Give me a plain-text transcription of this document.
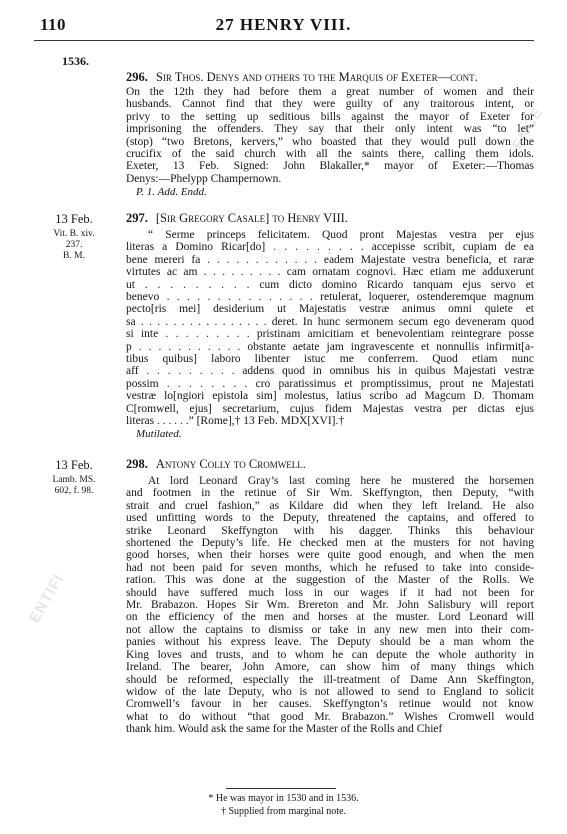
ENCE
ENTIFI
110	27 HENRY VIII.
1536.
296. Sir Thos. Denys and others to the Marquis of Exeter—cont.
On the 12th they had before them a great number of women and their
husbands. Cannot find that they were guilty of any traitorous intent, or
privy to the setting up seditious bills against the mayor of Exeter for
imprisoning the offenders. They say that their only intent was “to let”
(stop) “two Bretons, kervers,” who boasted that they would pull down the
crucifix of the said church with all the saints there, calling them idols.
Exeter, 13 Feb. Signed: John Blakaller,* mayor of Exeter:—Thomas
Denys:—Phelypp Champernown.
P. 1. Add. Endd.
13 Feb.
Vit. B. xiv.
237.
B. M.
297. [Sir Gregory Casale] to Henry VIII.
“ Serme princeps felicitatem. Quod pront Majestas vestra per ejus
literas a Domino Ricar[do] . . . . . . . . . accepisse scribit, cupiam de ea
bene mereri fa . . . . . . . . . . . . eadem Majestate vestra beneficia, et raræ
virtutes ac am . . . . . . . . . cam ornatam cognovi. Hæc etiam me adduxerunt
ut . . . . . . . . . cum dicto domino Ricardo tanquam ejus servo et
benevo . . . . . . . . . . . . . . . retulerat, loquerer, ostenderemque magnum
pecto[ris mei] desiderium ut Majestatis vestræ animus omni quiete et
sa . . . . . . . . . . . . . . . . deret. In hunc sermonem secum ego deveneram quod
si inte . . . . . . . . . pristinam amicitiam et benevolentiam reintegrare posse
p . . . . . . . . . . . obstante aetate jam ingravescente et nonnullis infirmit[a-
tibus quibus] laboro libenter istuc me conferrem. Quod etiam nunc
aff . . . . . . . . . addens quod in omnibus his in quibus Majestati vestræ
possim . . . . . . . . cro paratissimus et promptissimus, prout ne Majestati
vestræ lo[ngiori epistola sim] molestus, latius scribo ad Magcum D. Thomam
C[romwell, ejus] secretarium, cujus fidem Majestas vestra per dictas ejus
literas . . . . . .” [Rome],† 13 Feb. MDX[XVI].†
Mutilated.
13 Feb.
Lamb. MS.
602, f. 98.
298. Antony Colly to Cromwell.
At lord Leonard Gray’s last coming here he mustered the horsemen
and footmen in the retinue of Sir Wm. Skeffyngton, then Deputy, “with
strait and cruel fashion,” as Kildare did when they left Ireland. He also
used unfitting words to the Deputy, threatened the captains, and offered to
strike Leonard Skeffyngton with his dagger. Thinks this behaviour
shortened the Deputy’s life. He checked men at the musters for not having
good horses, when their horses were quite good enough, and when the men
had not been paid for seven months, which he refused to take into conside-
ration. This was done at the suggestion of the Master of the Rolls. We
should have suffered much loss in our wages if it had not been for
Mr. Brabazon. Hopes Sir Wm. Brereton and Mr. John Salisbury will report
on the efficiency of the men and horses at the muster. Lord Leonard will
not allow the captains to dismiss or take in any new men into their com-
panies without his express leave. The Deputy should be a man whom the
King loves and trusts, and to whom he can depute the whole authority in
Ireland. The bearer, John Amore, can show him of many things which
should be reformed, especially the ill-treatment of Dame Ann Skeffington,
widow of the late Deputy, who is not allowed to send to England to solicit
Cromwell’s favour in her causes. Skeffyngton’s retinue would not know
what to do without “that good Mr. Brabazon.” Wishes Cromwell would
thank him. Would ask the same for the Master of the Rolls and Chief
* He was mayor in 1530 and in 1536.
† Supplied from marginal note.
